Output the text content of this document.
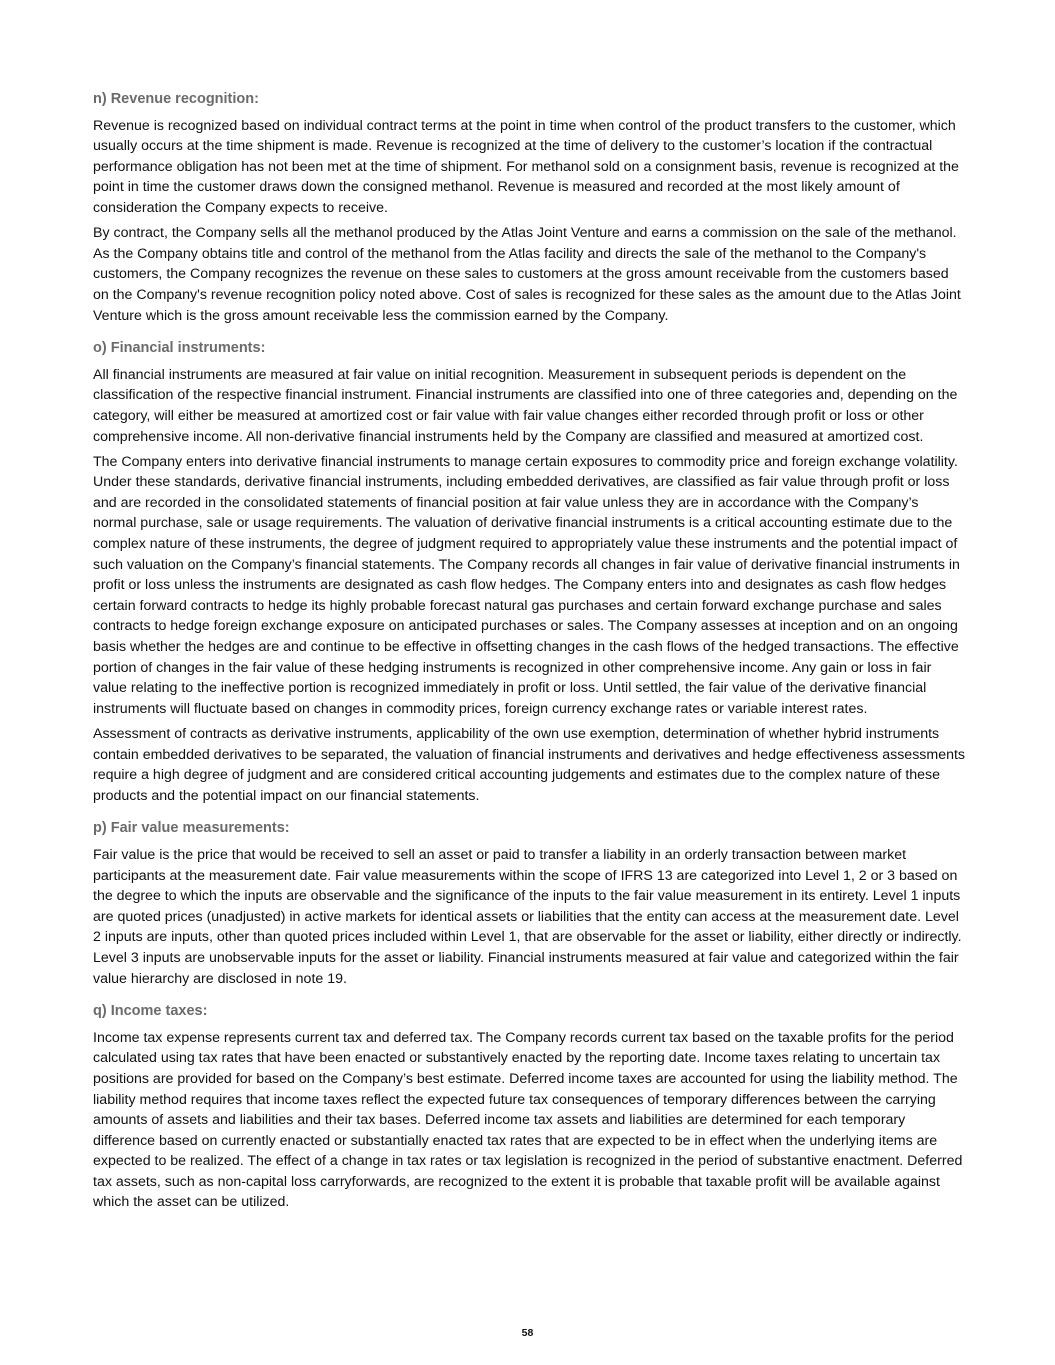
n) Revenue recognition:

Revenue is recognized based on individual contract terms at the point in time when control of the product transfers to the customer, which usually occurs at the time shipment is made. Revenue is recognized at the time of delivery to the customer’s location if the contractual performance obligation has not been met at the time of shipment. For methanol sold on a consignment basis, revenue is recognized at the point in time the customer draws down the consigned methanol. Revenue is measured and recorded at the most likely amount of consideration the Company expects to receive.

By contract, the Company sells all the methanol produced by the Atlas Joint Venture and earns a commission on the sale of the methanol. As the Company obtains title and control of the methanol from the Atlas facility and directs the sale of the methanol to the Company's customers, the Company recognizes the revenue on these sales to customers at the gross amount receivable from the customers based on the Company's revenue recognition policy noted above. Cost of sales is recognized for these sales as the amount due to the Atlas Joint Venture which is the gross amount receivable less the commission earned by the Company.

o) Financial instruments:

All financial instruments are measured at fair value on initial recognition. Measurement in subsequent periods is dependent on the classification of the respective financial instrument. Financial instruments are classified into one of three categories and, depending on the category, will either be measured at amortized cost or fair value with fair value changes either recorded through profit or loss or other comprehensive income. All non-derivative financial instruments held by the Company are classified and measured at amortized cost.

The Company enters into derivative financial instruments to manage certain exposures to commodity price and foreign exchange volatility. Under these standards, derivative financial instruments, including embedded derivatives, are classified as fair value through profit or loss and are recorded in the consolidated statements of financial position at fair value unless they are in accordance with the Company’s normal purchase, sale or usage requirements. The valuation of derivative financial instruments is a critical accounting estimate due to the complex nature of these instruments, the degree of judgment required to appropriately value these instruments and the potential impact of such valuation on the Company’s financial statements. The Company records all changes in fair value of derivative financial instruments in profit or loss unless the instruments are designated as cash flow hedges. The Company enters into and designates as cash flow hedges certain forward contracts to hedge its highly probable forecast natural gas purchases and certain forward exchange purchase and sales contracts to hedge foreign exchange exposure on anticipated purchases or sales. The Company assesses at inception and on an ongoing basis whether the hedges are and continue to be effective in offsetting changes in the cash flows of the hedged transactions. The effective portion of changes in the fair value of these hedging instruments is recognized in other comprehensive income. Any gain or loss in fair value relating to the ineffective portion is recognized immediately in profit or loss. Until settled, the fair value of the derivative financial instruments will fluctuate based on changes in commodity prices, foreign currency exchange rates or variable interest rates.

Assessment of contracts as derivative instruments, applicability of the own use exemption, determination of whether hybrid instruments contain embedded derivatives to be separated, the valuation of financial instruments and derivatives and hedge effectiveness assessments require a high degree of judgment and are considered critical accounting judgements and estimates due to the complex nature of these products and the potential impact on our financial statements.

p) Fair value measurements:

Fair value is the price that would be received to sell an asset or paid to transfer a liability in an orderly transaction between market participants at the measurement date. Fair value measurements within the scope of IFRS 13 are categorized into Level 1, 2 or 3 based on the degree to which the inputs are observable and the significance of the inputs to the fair value measurement in its entirety. Level 1 inputs are quoted prices (unadjusted) in active markets for identical assets or liabilities that the entity can access at the measurement date. Level 2 inputs are inputs, other than quoted prices included within Level 1, that are observable for the asset or liability, either directly or indirectly. Level 3 inputs are unobservable inputs for the asset or liability. Financial instruments measured at fair value and categorized within the fair value hierarchy are disclosed in note 19.

q) Income taxes:

Income tax expense represents current tax and deferred tax. The Company records current tax based on the taxable profits for the period calculated using tax rates that have been enacted or substantively enacted by the reporting date. Income taxes relating to uncertain tax positions are provided for based on the Company’s best estimate. Deferred income taxes are accounted for using the liability method. The liability method requires that income taxes reflect the expected future tax consequences of temporary differences between the carrying amounts of assets and liabilities and their tax bases. Deferred income tax assets and liabilities are determined for each temporary difference based on currently enacted or substantially enacted tax rates that are expected to be in effect when the underlying items are expected to be realized. The effect of a change in tax rates or tax legislation is recognized in the period of substantive enactment. Deferred tax assets, such as non-capital loss carryforwards, are recognized to the extent it is probable that taxable profit will be available against which the asset can be utilized.

58
